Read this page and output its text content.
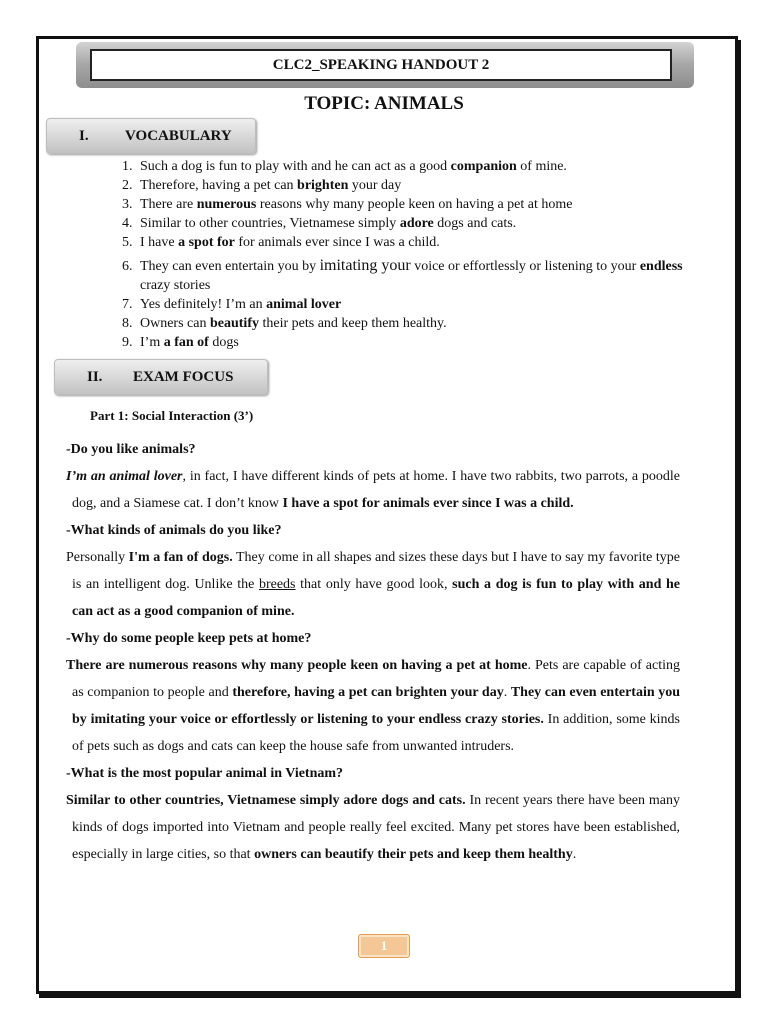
CLC2_SPEAKING HANDOUT 2
TOPIC: ANIMALS
I.	VOCABULARY
1. Such a dog is fun to play with and he can act as a good companion of mine.
2. Therefore, having a pet can brighten your day
3. There are numerous reasons why many people keen on having a pet at home
4. Similar to other countries, Vietnamese simply adore dogs and cats.
5. I have a spot for for animals ever since I was a child.
6. They can even entertain you by imitating your voice or effortlessly or listening to your endless crazy stories
7. Yes definitely! I’m an animal lover
8. Owners can beautify their pets and keep them healthy.
9. I’m a fan of dogs
II.	EXAM FOCUS
Part 1: Social Interaction (3’)

-Do you like animals?

I’m an animal lover, in fact, I have different kinds of pets at home. I have two rabbits, two parrots, a poodle dog, and a Siamese cat. I don’t know I have a spot for animals ever since I was a child.

-What kinds of animals do you like?

Personally I'm a fan of dogs. They come in all shapes and sizes these days but I have to say my favorite type is an intelligent dog. Unlike the breeds that only have good look, such a dog is fun to play with and he can act as a good companion of mine.

-Why do some people keep pets at home?

There are numerous reasons why many people keen on having a pet at home. Pets are capable of acting as companion to people and therefore, having a pet can brighten your day. They can even entertain you by imitating your voice or effortlessly or listening to your endless crazy stories. In addition, some kinds of pets such as dogs and cats can keep the house safe from unwanted intruders.

-What is the most popular animal in Vietnam?

Similar to other countries, Vietnamese simply adore dogs and cats. In recent years there have been many kinds of dogs imported into Vietnam and people really feel excited. Many pet stores have been established, especially in large cities, so that owners can beautify their pets and keep them healthy.

1
